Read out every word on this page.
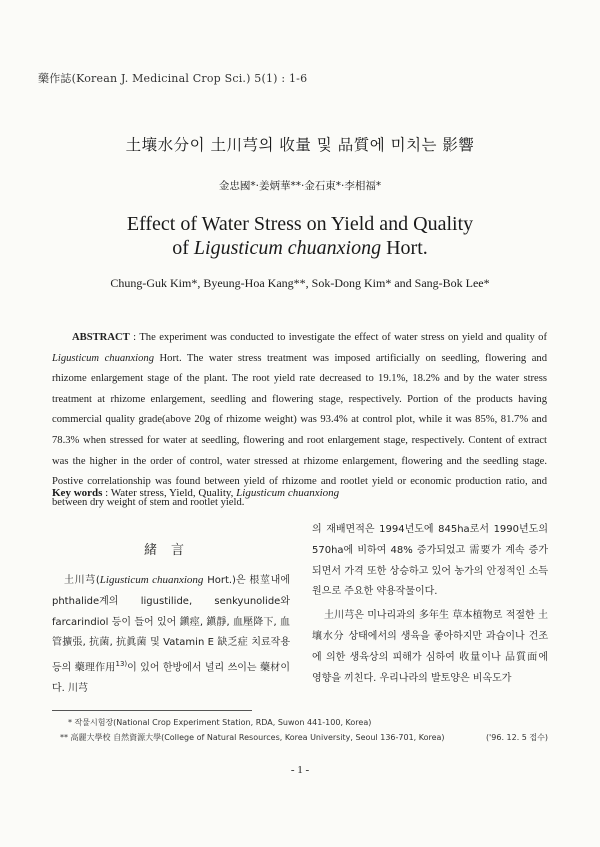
藥作誌(Korean J. Medicinal Crop Sci.) 5(1) : 1-6
土壤水分이 土川芎의 收量 및 品質에 미치는 影響
金忠國*·姜炳華**·金石東*·李相福*
Effect of Water Stress on Yield and Quality
of Ligusticum chuanxiong Hort.
Chung-Guk Kim*, Byeung-Hoa Kang**, Sok-Dong Kim* and Sang-Bok Lee*
ABSTRACT : The experiment was conducted to investigate the effect of water stress on yield and quality of Ligusticum chuanxiong Hort. The water stress treatment was imposed artificially on seedling, flowering and rhizome enlargement stage of the plant. The root yield rate decreased to 19.1%, 18.2% and by the water stress treatment at rhizome enlargement, seedling and flowering stage, respectively. Portion of the products having commercial quality grade(above 20g of rhizome weight) was 93.4% at control plot, while it was 85%, 81.7% and 78.3% when stressed for water at seedling, flowering and root enlargement stage, respectively. Content of extract was the higher in the order of control, water stressed at rhizome enlargement, flowering and the seedling stage. Postive correlationship was found between yield of rhizome and rootlet yield or economic production ratio, and between dry weight of stem and rootlet yield.
Key words : Water stress, Yield, Quality, Ligusticum chuanxiong
緒言
土川芎(Ligusticum chuanxiong Hort.)은 根莖내에 phthalide계의 ligustilide, senkyunolide와 farcarindiol 등이 들어 있어 鎭痙, 鎭靜, 血壓降下, 血管擴張, 抗菌, 抗眞菌 및 Vatamin E 缺乏症 치료작용 등의 藥理作用$^{13)}$이 있어 한방에서 널리 쓰이는 藥材이다. 川芎
의 재배면적은 1994년도에 845ha로서 1990년도의 570ha에 비하여 48% 증가되었고 需要가 계속 증가되면서 가격 또한 상승하고 있어 농가의 안정적인 소득원으로 주요한 약용작물이다.
土川芎은 미나리과의 多年生 草本植物로 적절한 土壤水分 상태에서의 생육을 좋아하지만 과습이나 건조에 의한 생육상의 피해가 심하여 收量이나 品質面에 영향을 끼친다. 우리나라의 발토양은 비옥도가
* 작물시험장(National Crop Experiment Station, RDA, Suwon 441-100, Korea)
** 高麗大學校 自然資源大學(College of Natural Resources, Korea University, Seoul 136-701, Korea)	('96. 12. 5 접수)
- 1 -
